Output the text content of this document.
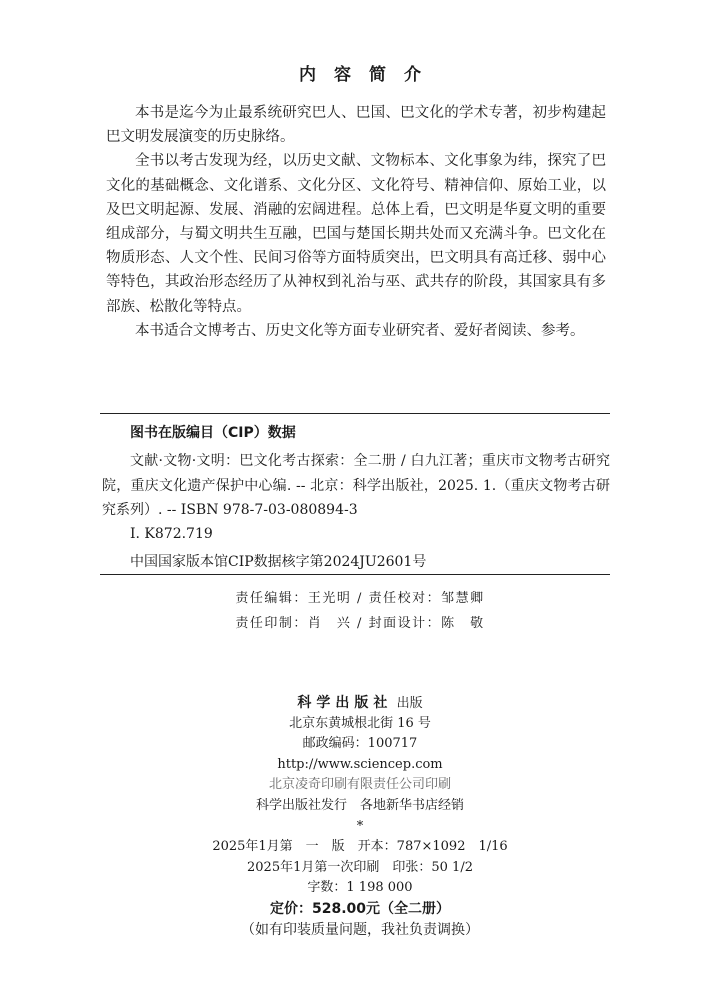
内容简介

本书是迄今为止最系统研究巴人、巴国、巴文化的学术专著，初步构建起巴文明发展演变的历史脉络。

全书以考古发现为经，以历史文献、文物标本、文化事象为纬，探究了巴文化的基础概念、文化谱系、文化分区、文化符号、精神信仰、原始工业，以及巴文明起源、发展、消融的宏阔进程。总体上看，巴文明是华夏文明的重要组成部分，与蜀文明共生互融，巴国与楚国长期共处而又充满斗争。巴文化在物质形态、人文个性、民间习俗等方面特质突出，巴文明具有高迁移、弱中心等特色，其政治形态经历了从神权到礼治与巫、武共存的阶段，其国家具有多部族、松散化等特点。

本书适合文博考古、历史文化等方面专业研究者、爱好者阅读、参考。

图书在版编目（CIP）数据
文献·文物·文明：巴文化考古探索：全二册 / 白九江著；重庆市文物考古研究院，重庆文化遗产保护中心编. -- 北京：科学出版社，2025. 1.（重庆文物考古研究系列）. -- ISBN 978-7-03-080894-3
Ⅰ. K872.719
中国国家版本馆CIP数据核字第2024JU2601号
责任编辑：王光明 / 责任校对：邹慧卿
责任印制：肖　兴 / 封面设计：陈　敬
科学出版社 出版
北京东黄城根北街 16 号
邮政编码：100717
http://www.sciencep.com
北京凌奇印刷有限责任公司印刷
科学出版社发行　各地新华书店经销
*
2025年1月第　一　版　开本：787×1092　1/16
2025年1月第一次印刷　印张：50 1/2
字数：1 198 000
定价：528.00元（全二册）
（如有印装质量问题，我社负责调换）
